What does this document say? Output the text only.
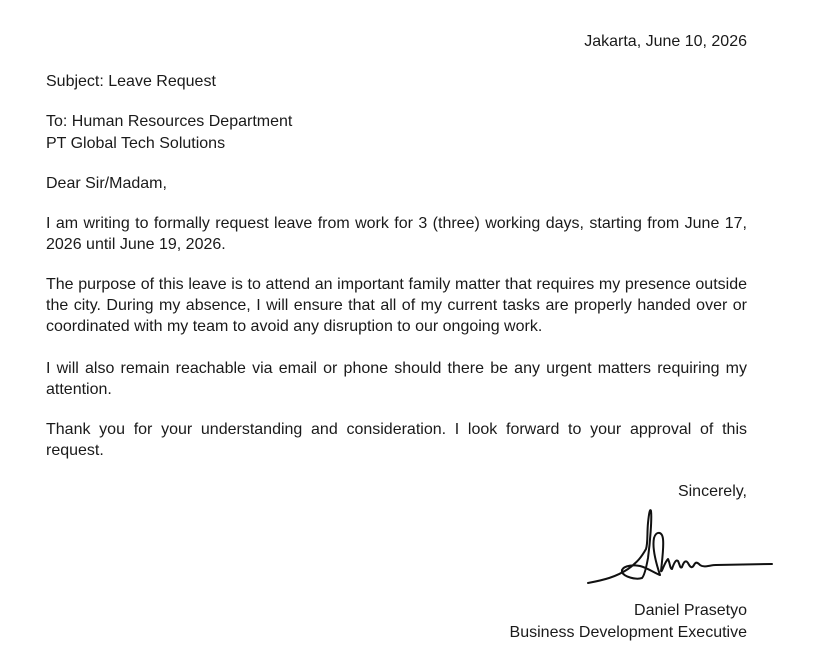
Jakarta, June 10, 2026
Subject: Leave Request
To: Human Resources Department
PT Global Tech Solutions
Dear Sir/Madam,

I am writing to formally request leave from work for 3 (three) working days, starting from June 17, 2026 until June 19, 2026.

The purpose of this leave is to attend an important family matter that requires my presence outside the city. During my absence, I will ensure that all of my current tasks are properly handed over or coordinated with my team to avoid any disruption to our ongoing work.

I will also remain reachable via email or phone should there be any urgent matters requiring my attention.

Thank you for your understanding and consideration. I look forward to your approval of this request.

Sincerely,
Daniel Prasetyo
Business Development Executive
